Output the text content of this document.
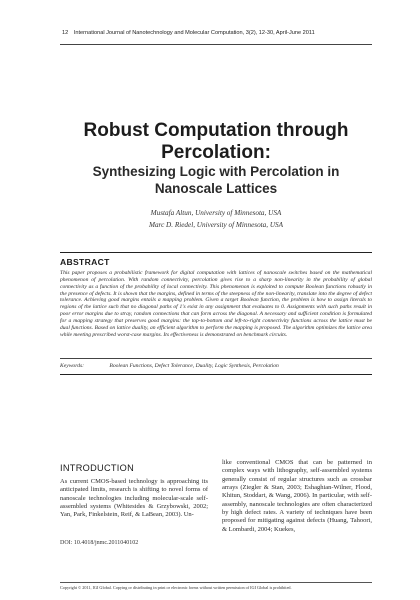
12 International Journal of Nanotechnology and Molecular Computation, 3(2), 12-30, April-June 2011
Robust Computation through Percolation:
Synthesizing Logic with Percolation in Nanoscale Lattices
Mustafa Altun, University of Minnesota, USA
Marc D. Riedel, University of Minnesota, USA
ABSTRACT
This paper proposes a probabilistic framework for digital computation with lattices of nanoscale switches based on the mathematical phenomenon of percolation. With random connectivity, percolation gives rise to a sharp non-linearity in the probability of global connectivity as a function of the probability of local connectivity. This phenomenon is exploited to compute Boolean functions robustly in the presence of defects. It is shown that the margins, defined in terms of the steepness of the non-linearity, translate into the degree of defect tolerance. Achieving good margins entails a mapping problem. Given a target Boolean function, the problem is how to assign literals to regions of the lattice such that no diagonal paths of 1's exist in any assignment that evaluates to 0. Assignments with such paths result in poor error margins due to stray, random connections that can form across the diagonal. A necessary and sufficient condition is formulated for a mapping strategy that preserves good margins: the top-to-bottom and left-to-right connectivity functions across the lattice must be dual functions. Based on lattice duality, an efficient algorithm to perform the mapping is proposed. The algorithm optimizes the lattice area while meeting prescribed worst-case margins. Its effectiveness is demonstrated on benchmark circuits.
Keywords:	Boolean Functions, Defect Tolerance, Duality, Logic Synthesis, Percolation
INTRODUCTION
As current CMOS-based technology is approaching its anticipated limits, research is shifting to novel forms of nanoscale technologies including molecular-scale self-assembled systems (Whitesides & Grzybowski, 2002; Yan, Park, Finkelstein, Reif, & LaBean, 2003). Un-
like conventional CMOS that can be patterned in complex ways with lithography, self-assembled systems generally consist of regular structures such as crossbar arrays (Ziegler & Stan, 2003; Eshaghian-Wilner, Flood, Khitun, Stoddart, & Wang, 2006). In particular, with self-assembly, nanoscale technologies are often characterized by high defect rates. A variety of techniques have been proposed for mitigating against defects (Huang, Tahoori, & Lombardi, 2004; Kuekes,
DOI: 10.4018/jnmc.2011040102
Copyright © 2011, IGI Global. Copying or distributing in print or electronic forms without written permission of IGI Global is prohibited.
